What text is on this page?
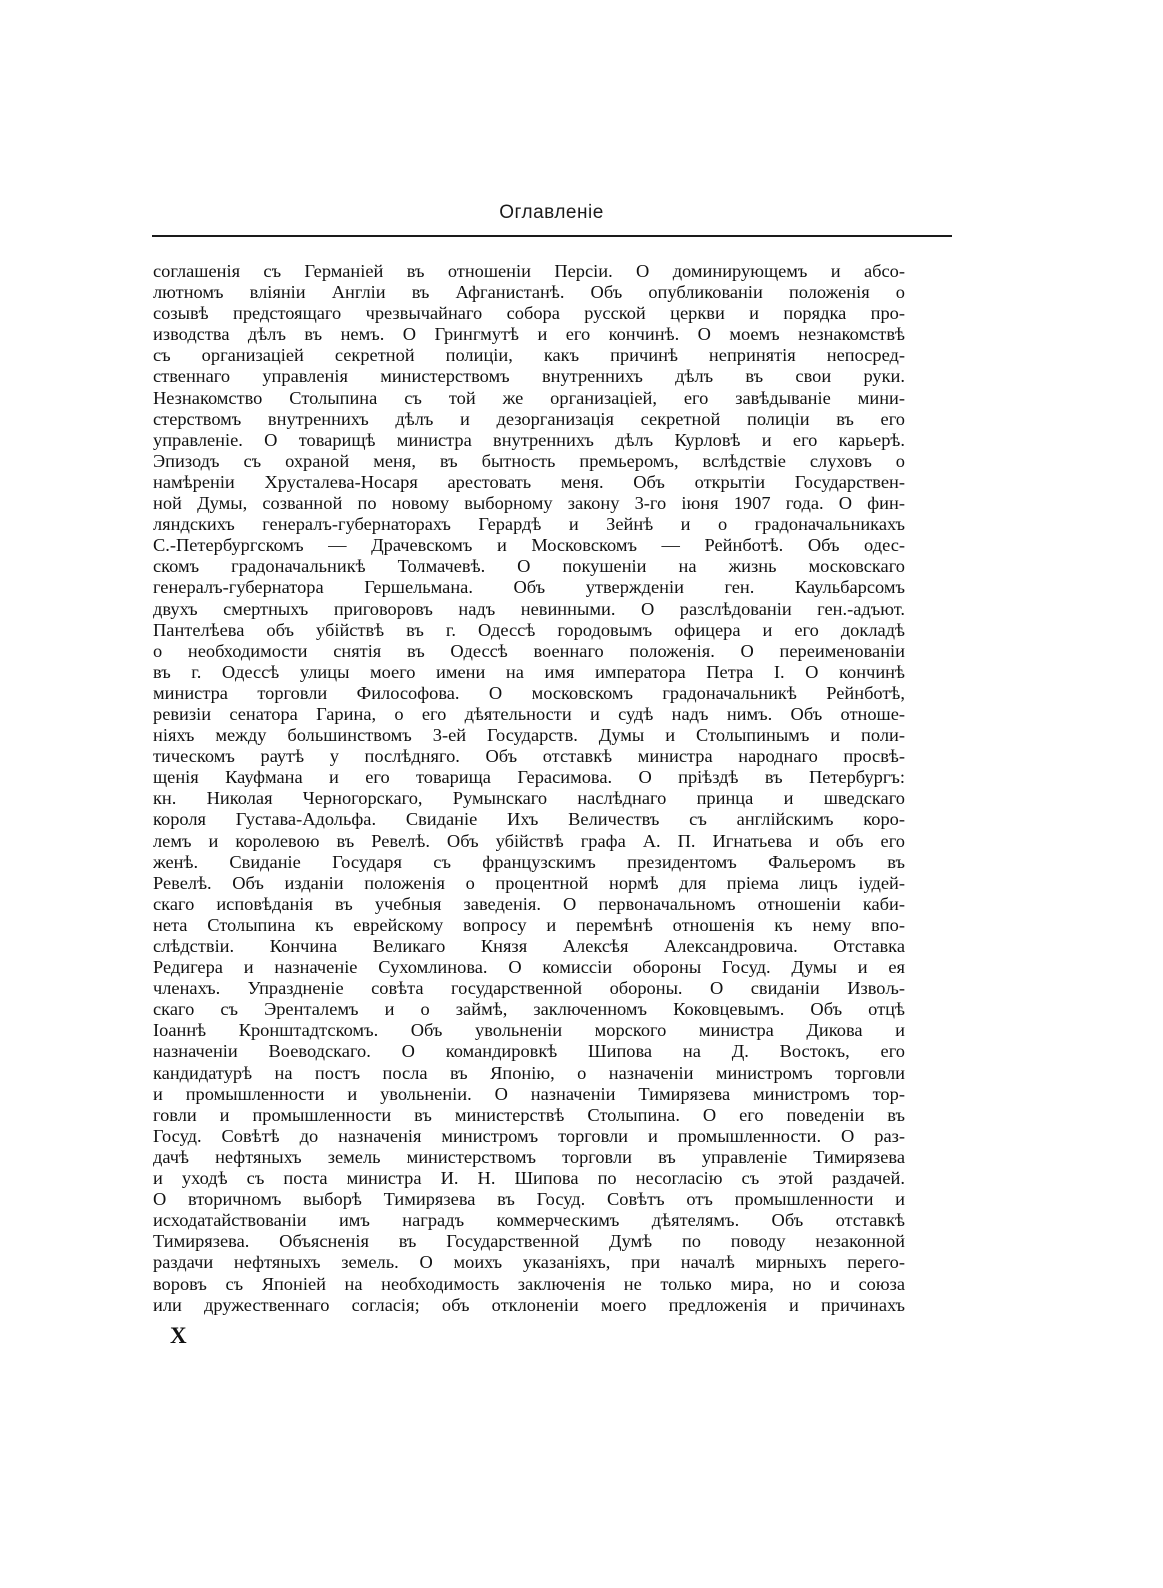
Оглавленіе
соглашенія съ Германіей въ отношеніи Персіи. О доминирующемъ и абсо-
лютномъ вліяніи Англіи въ Афганистанѣ. Объ опубликованіи положенія о
созывѣ предстоящаго чрезвычайнаго собора русской церкви и порядка про-
изводства дѣлъ въ немъ. О Грингмутѣ и его кончинѣ. О моемъ незнакомствѣ
съ организаціей секретной полиціи, какъ причинѣ непринятія непосред-
ственнаго управленія министерствомъ внутреннихъ дѣлъ въ свои руки.
Незнакомство Столыпина съ той же организаціей, его завѣдываніе мини-
стерствомъ внутреннихъ дѣлъ и дезорганизація секретной полиціи въ его
управленіе. О товарищѣ министра внутреннихъ дѣлъ Курловѣ и его карьерѣ.
Эпизодъ съ охраной меня, въ бытность премьеромъ, вслѣдствіе слуховъ о
намѣреніи Хрусталева-Носаря арестовать меня. Объ открытіи Государствен-
ной Думы, созванной по новому выборному закону 3-го іюня 1907 года. О фин-
ляндскихъ генералъ-губернаторахъ Герардѣ и Зейнѣ и о градоначальникахъ
С.-Петербургскомъ — Драчевскомъ и Московскомъ — Рейнботѣ. Объ одес-
скомъ градоначальникѣ Толмачевѣ. О покушеніи на жизнь московскаго
генералъ-губернатора Гершельмана. Объ утвержденіи ген. Каульбарсомъ
двухъ смертныхъ приговоровъ надъ невинными. О разслѣдованіи ген.-адъют.
Пантелѣева объ убійствѣ въ г. Одессѣ городовымъ офицера и его докладѣ
о необходимости снятія въ Одессѣ военнаго положенія. О переименованіи
въ г. Одессѣ улицы моего имени на имя императора Петра I. О кончинѣ
министра торговли Философова. О московскомъ градоначальникѣ Рейнботѣ,
ревизіи сенатора Гарина, о его дѣятельности и судѣ надъ нимъ. Объ отноше-
ніяхъ между большинствомъ 3-ей Государств. Думы и Столыпинымъ и поли-
тическомъ раутѣ у послѣдняго. Объ отставкѣ министра народнаго просвѣ-
щенія Кауфмана и его товарища Герасимова. О пріѣздѣ въ Петербургъ:
кн. Николая Черногорскаго, Румынскаго наслѣднаго принца и шведскаго
короля Густава-Адольфа. Свиданіе Ихъ Величествъ съ англійскимъ коро-
лемъ и королевою въ Ревелѣ. Объ убійствѣ графа А. П. Игнатьева и объ его
женѣ. Свиданіе Государя съ французскимъ президентомъ Фальеромъ въ
Ревелѣ. Объ изданіи положенія о процентной нормѣ для пріема лицъ іудей-
скаго исповѣданія въ учебныя заведенія. О первоначальномъ отношеніи каби-
нета Столыпина къ еврейскому вопросу и перемѣнѣ отношенія къ нему впо-
слѣдствіи. Кончина Великаго Князя Алексѣя Александровича. Отставка
Редигера и назначеніе Сухомлинова. О комиссіи обороны Госуд. Думы и ея
членахъ. Упраздненіе совѣта государственной обороны. О свиданіи Извољ-
скаго съ Эренталемъ и о займѣ, заключенномъ Коковцевымъ. Объ отцѣ
Іоаннѣ Кронштадтскомъ. Объ увольненіи морского министра Дикова и
назначеніи Воеводскаго. О командировкѣ Шипова на Д. Востокъ, его
кандидатурѣ на постъ посла въ Японію, о назначеніи министромъ торговли
и промышленности и увольненіи. О назначеніи Тимирязева министромъ тор-
говли и промышленности въ министерствѣ Столыпина. О его поведеніи въ
Госуд. Совѣтѣ до назначенія министромъ торговли и промышленности. О раз-
дачѣ нефтяныхъ земель министерствомъ торговли въ управленіе Тимирязева
и уходѣ съ поста министра И. Н. Шипова по несогласію съ этой раздачей.
О вторичномъ выборѣ Тимирязева въ Госуд. Совѣтъ отъ промышленности и
исходатайствованіи имъ наградъ коммерческимъ дѣятелямъ. Объ отставкѣ
Тимирязева. Объясненія въ Государственной Думѣ по поводу незаконной
раздачи нефтяныхъ земель. О моихъ указаніяхъ, при началѣ мирныхъ перего-
воровъ съ Японіей на необходимость заключенія не только мира, но и союза
или дружественнаго согласія; объ отклоненіи моего предложенія и причинахъ
X
